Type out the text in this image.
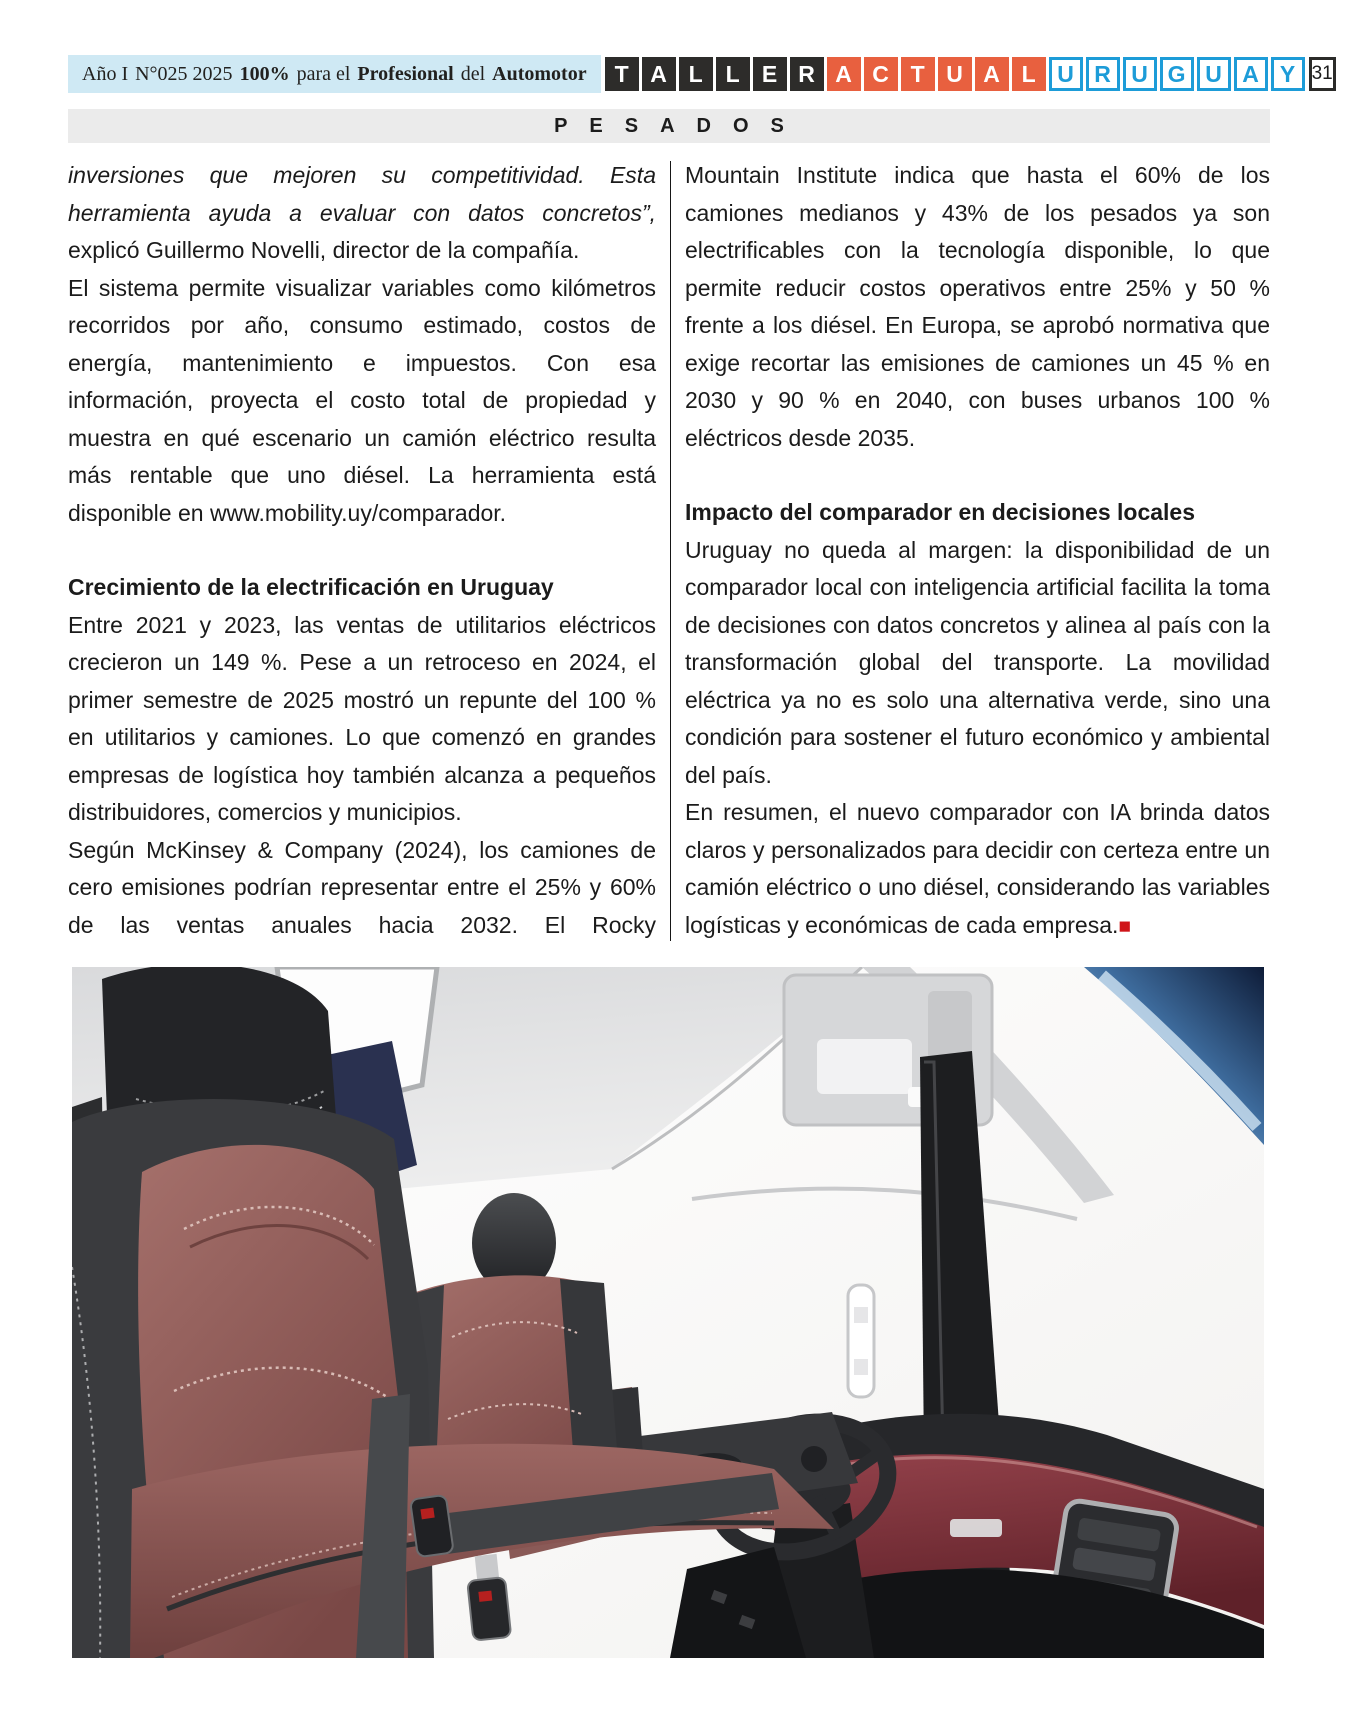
Año I N°025 2025 100% para el Profesional del Automotor	T A L L E R A C T U A L U R U G U A Y 31
PESADOS

inversiones que mejoren su competitividad. Esta herramienta ayuda a evaluar con datos concretos”, explicó Guillermo Novelli, director de la compañía.

El sistema permite visualizar variables como kilómetros recorridos por año, consumo estimado, costos de energía, mantenimiento e impuestos. Con esa información, proyecta el costo total de propiedad y muestra en qué escenario un camión eléctrico resulta más rentable que uno diésel. La herramienta está disponible en www.mobility.uy/comparador.

Crecimiento de la electrificación en Uruguay

Entre 2021 y 2023, las ventas de utilitarios eléctricos crecieron un 149 %. Pese a un retroceso en 2024, el primer semestre de 2025 mostró un repunte del 100 % en utilitarios y camiones. Lo que comenzó en grandes empresas de logística hoy también alcanza a pequeños distribuidores, comercios y municipios.

Según McKinsey & Company (2024), los camiones de cero emisiones podrían representar entre el 25% y 60% de las ventas anuales hacia 2032. El Rocky

Mountain Institute indica que hasta el 60% de los camiones medianos y 43% de los pesados ya son electrificables con la tecnología disponible, lo que permite reducir costos operativos entre 25% y 50 % frente a los diésel. En Europa, se aprobó normativa que exige recortar las emisiones de camiones un 45 % en 2030 y 90 % en 2040, con buses urbanos 100 % eléctricos desde 2035.

Impacto del comparador en decisiones locales

Uruguay no queda al margen: la disponibilidad de un comparador local con inteligencia artificial facilita la toma de decisiones con datos concretos y alinea al país con la transformación global del transporte. La movilidad eléctrica ya no es solo una alternativa verde, sino una condición para sostener el futuro económico y ambiental del país.

En resumen, el nuevo comparador con IA brinda datos claros y personalizados para decidir con certeza entre un camión eléctrico o uno diésel, considerando las variables logísticas y económicas de cada empresa.■
